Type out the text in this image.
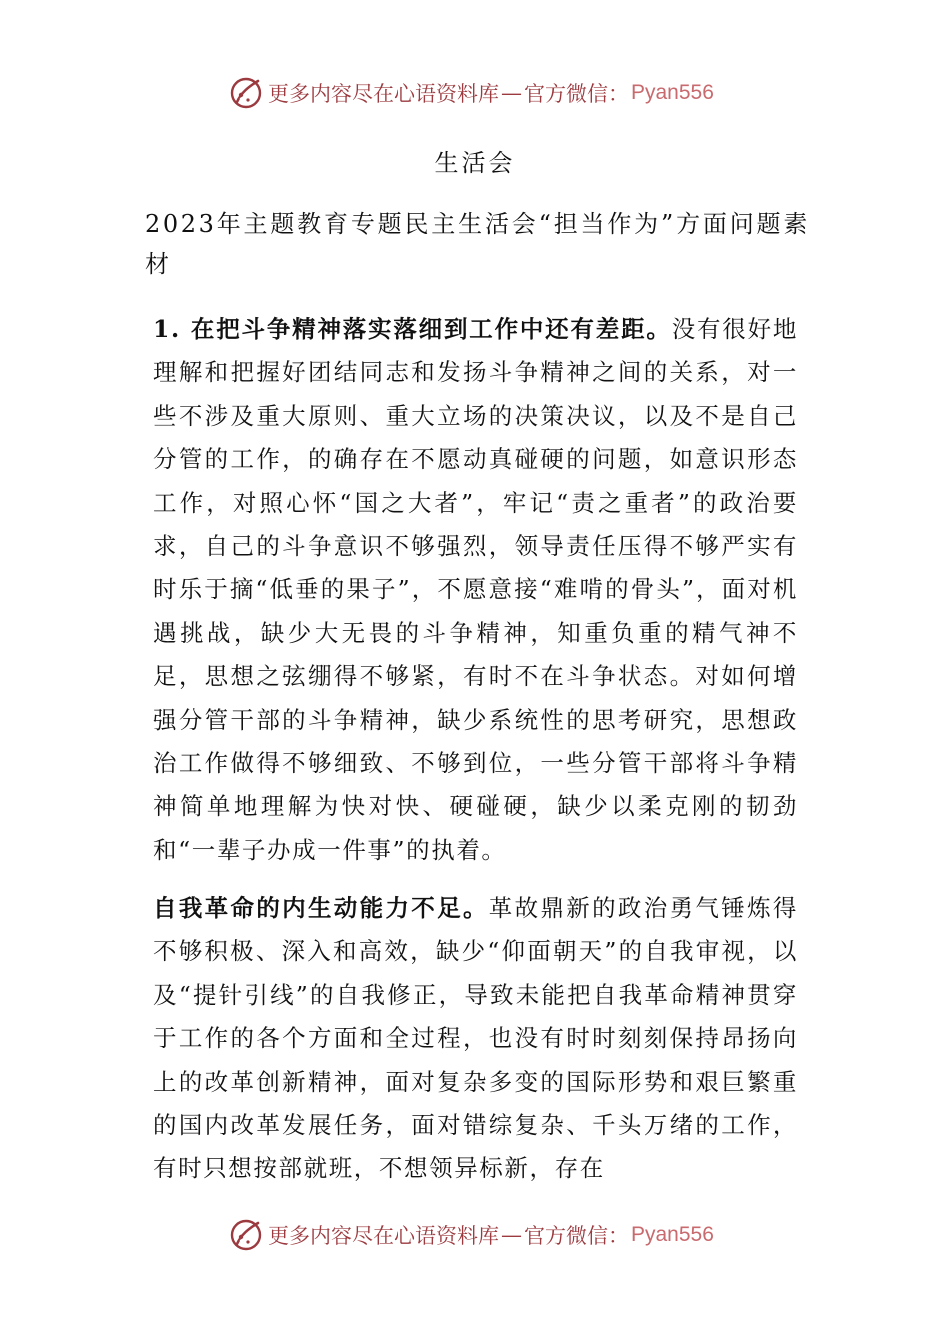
更多内容尽在心语资料库 — 官方微信： Pyan556
生活会
2023年主题教育专题民主生活会“担当作为”方面问题素材
1. 在把斗争精神落实落细到工作中还有差距。没有很好地理解和把握好团结同志和发扬斗争精神之间的关系，对一些不涉及重大原则、重大立场的决策决议，以及不是自己分管的工作，的确存在不愿动真碰硬的问题，如意识形态工作，对照心怀“国之大者”，牢记“责之重者”的政治要求，自己的斗争意识不够强烈，领导责任压得不够严实有时乐于摘“低垂的果子”，不愿意接“难啃的骨头”，面对机遇挑战，缺少大无畏的斗争精神，知重负重的精气神不足，思想之弦绷得不够紧，有时不在斗争状态。对如何增强分管干部的斗争精神，缺少系统性的思考研究，思想政治工作做得不够细致、不够到位，一些分管干部将斗争精神简单地理解为快对快、硬碰硬，缺少以柔克刚的韧劲和“一辈子办成一件事”的执着。
自我革命的内生动能力不足。革故鼎新的政治勇气锤炼得不够积极、深入和高效，缺少“仰面朝天”的自我审视，以及“提针引线”的自我修正，导致未能把自我革命精神贯穿于工作的各个方面和全过程，也没有时时刻刻保持昂扬向上的改革创新精神，面对复杂多变的国际形势和艰巨繁重的国内改革发展任务，面对错综复杂、千头万绪的工作，有时只想按部就班，不想领异标新，存在
更多内容尽在心语资料库 — 官方微信： Pyan556
